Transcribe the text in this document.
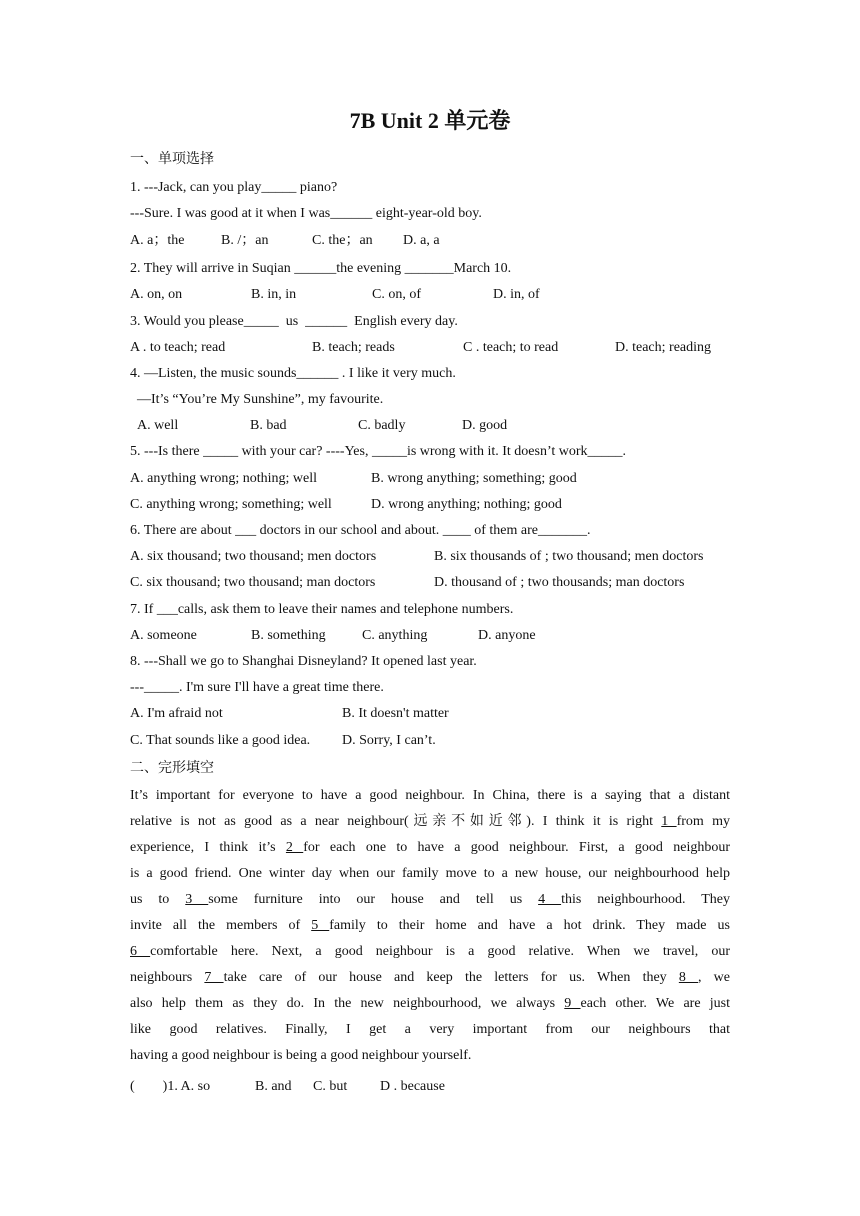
7B Unit 2 单元卷
一、单项选择
1. ---Jack, can you play_____ piano?
---Sure. I was good at it when I was______ eight-year-old boy.
A. a；the	B. /；an	C. the；an D. a, a
2. They will arrive in Suqian ______the evening _______March 10.
A. on, on	B. in, in	C. on, of	D. in, of
3. Would you please_____  us  ______  English every day.
A . to teach; read	B. teach; reads	C . teach; to read	D. teach; reading
4. —Listen, the music sounds______ . I like it very much.
—It’s “You’re My Sunshine”, my favourite.
A. well	B. bad	C. badly	D. good
5. ---Is there _____ with your car? ----Yes, _____is wrong with it. It doesn’t work_____.
A. anything wrong; nothing; well	B. wrong anything; something; good
C. anything wrong; something; well	D. wrong anything; nothing; good
6. There are about ___ doctors in our school and about. ____ of them are_______.
A. six thousand; two thousand; men doctors	B. six thousands of ; two thousand; men doctors
C. six thousand; two thousand; man doctors	D. thousand of ; two thousands; man doctors
7. If ___calls, ask them to leave their names and telephone numbers.
A. someone	B. something	C. anything	D. anyone
8. ---Shall we go to Shanghai Disneyland? It opened last year.
---_____. I'm sure I'll have a great time there.
A. I'm afraid not	B. It doesn't matter
C. That sounds like a good idea. D. Sorry, I can’t.
二、完形填空
It’s important for everyone to have a good neighbour. In China, there is a saying that a distant
relative is not as good as a near neighbour(远亲不如近邻). I think it is right 1 from my
experience, I think it’s 2 for each one to have a good neighbour. First, a good neighbour
is a good friend. One winter day when our family move to a new house, our neighbourhood help
us to 3 some furniture into our house and tell us 4 this neighbourhood. They
invite all the members of 5 family to their home and have a hot drink. They made us
6 comfortable here. Next, a good neighbour is a good relative. When we travel, our
neighbours 7 take care of our house and keep the letters for us. When they 8 , we
also help them as they do. In the new neighbourhood, we always 9 each other. We are just
like good relatives. Finally, I get a very important from our neighbours that
having a good neighbour is being a good neighbour yourself.
(        )1. A. so	B. and C. but D . because
